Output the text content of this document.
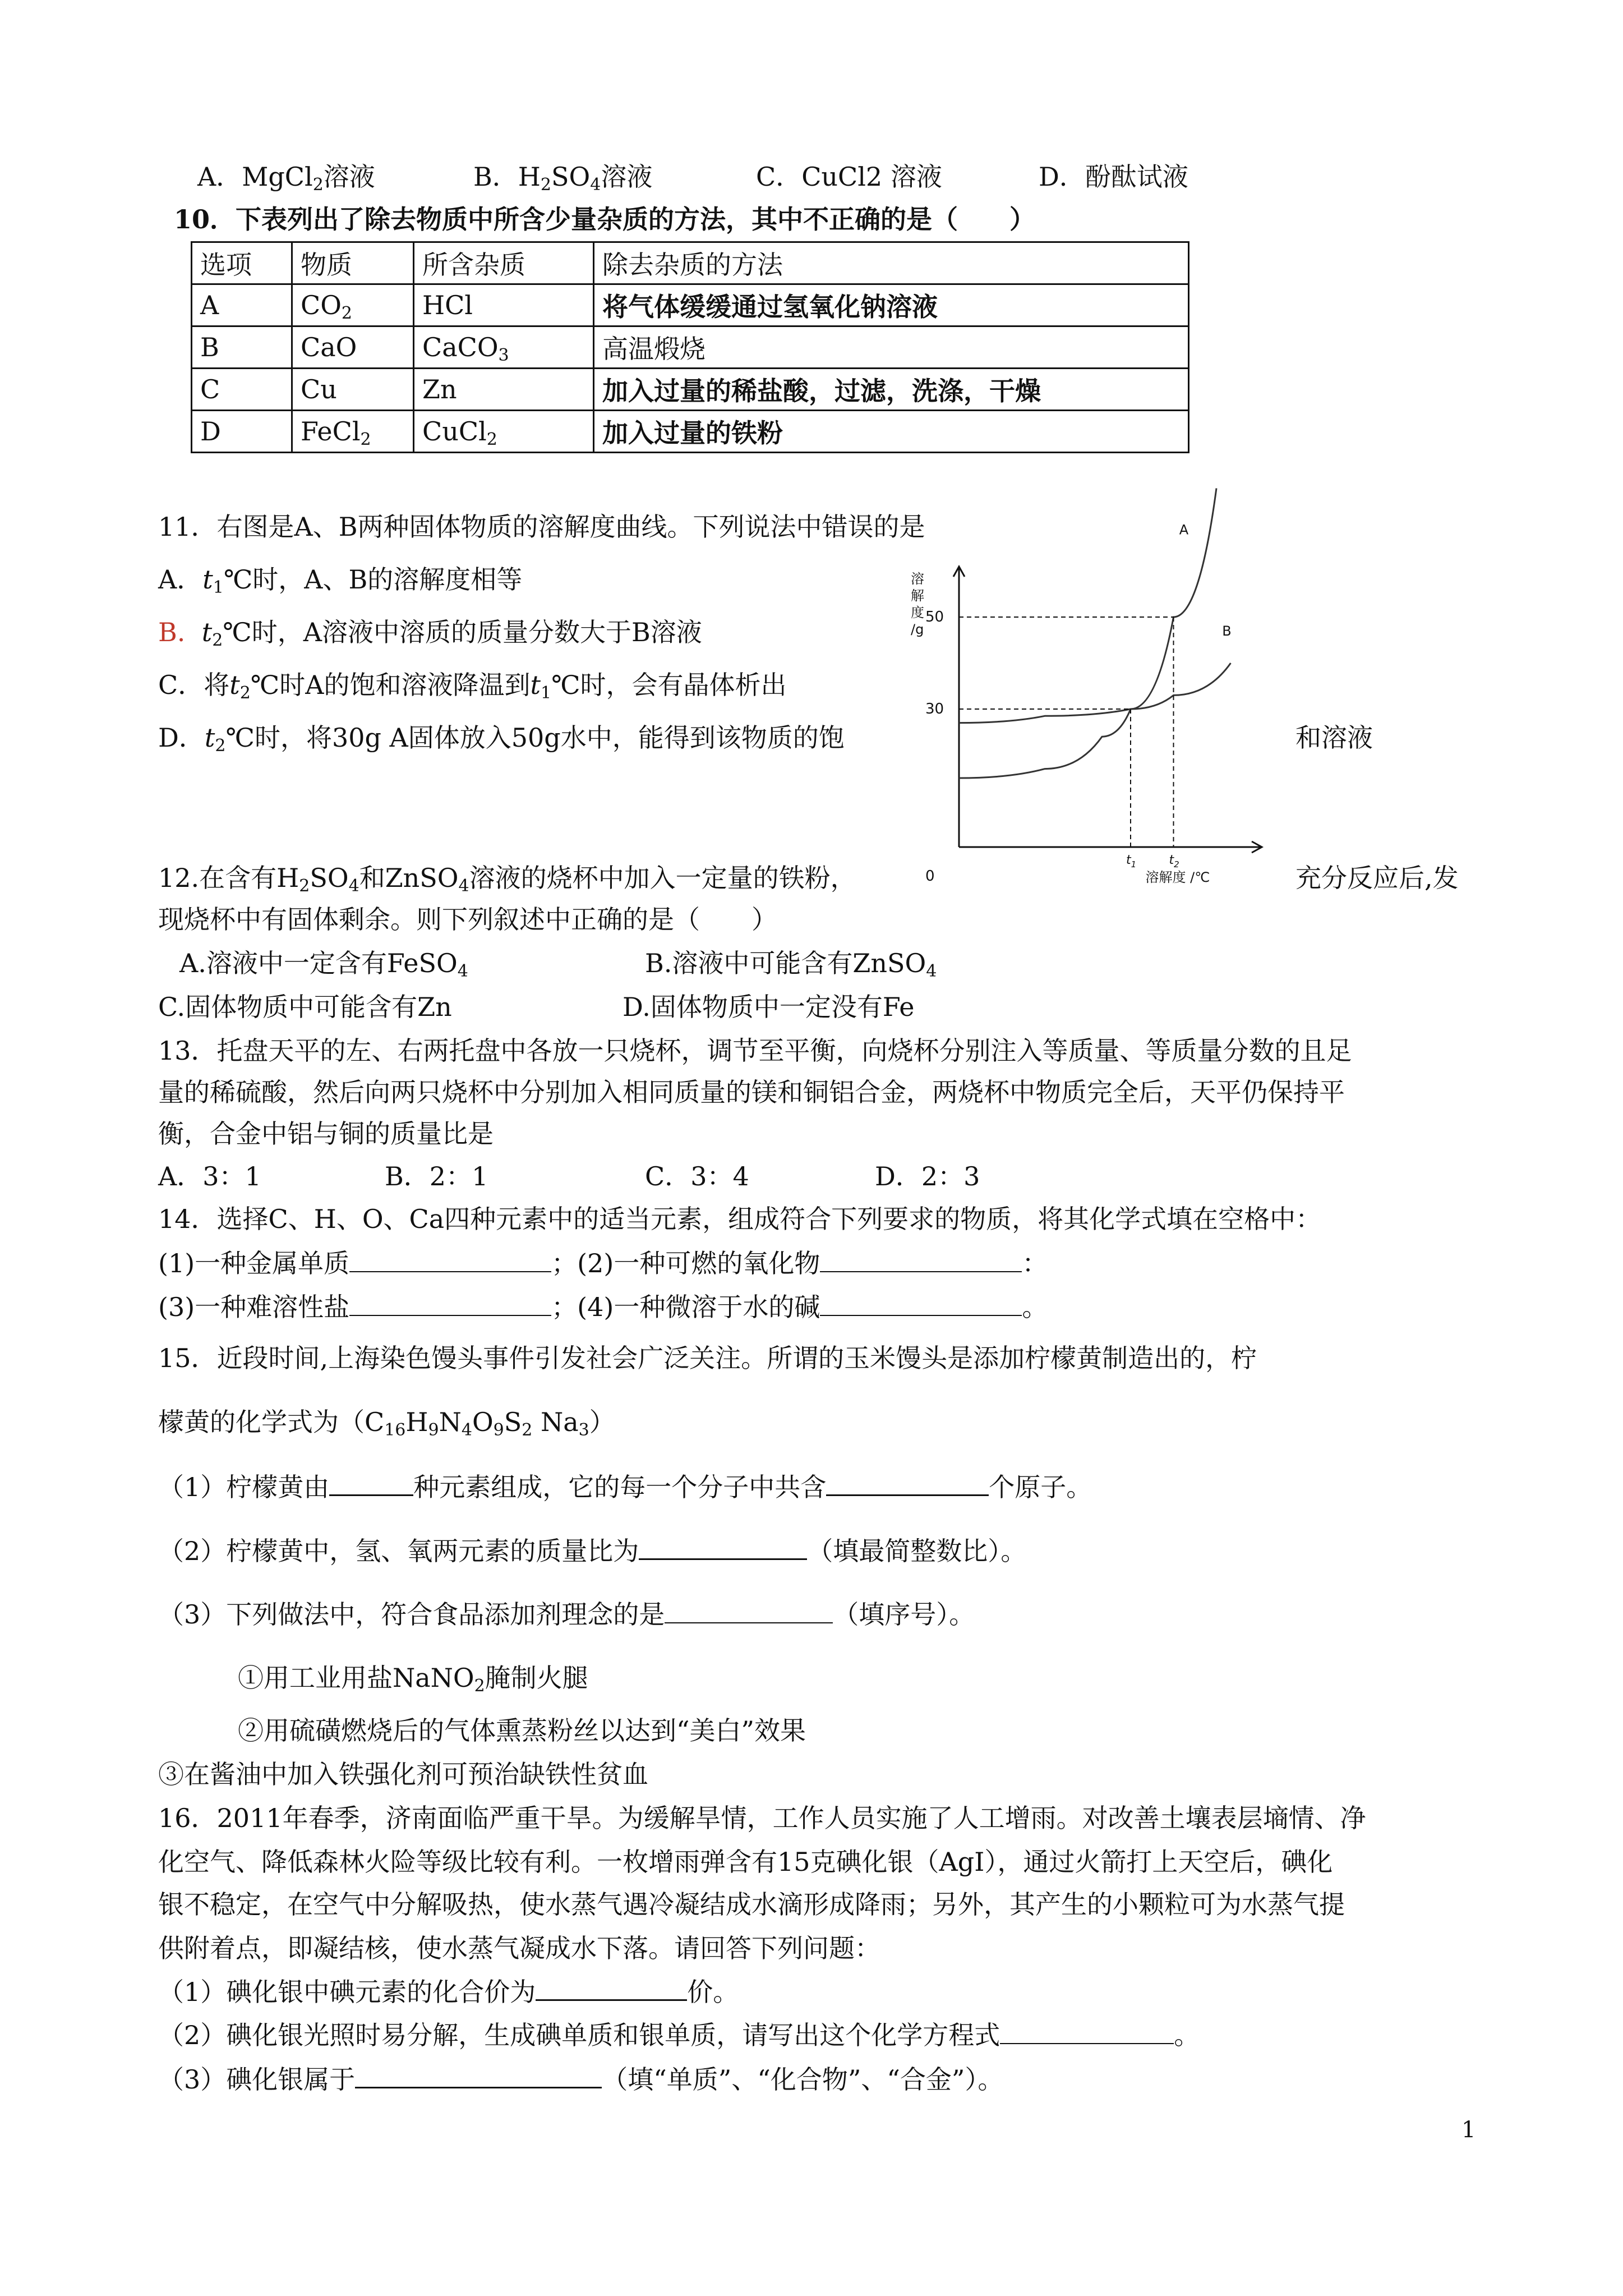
A．MgCl$_2$溶液	B．$H_2SO_4$溶液	C．CuCl2 溶液	D．酚酞试液
10．下表列出了除去物质中所含少量杂质的方法，其中不正确的是（　　）
选项	物质	所含杂质	除去杂质的方法
A	$CO_2$	HCl	将气体缓缓通过氢氧化钠溶液
B	CaO	CaCO$_3$	高温煅烧
C	Cu	Zn	加入过量的稀盐酸，过滤，洗涤，干燥
D	FeCl$_2$	CuCl$_2$	加入过量的铁粉
11．右图是A、B两种固体物质的溶解度曲线。下列说法中错误的是
A．$t_1℃$时，A、B的溶解度相等
B. $t_2℃$时，A溶液中溶质的质量分数大于B溶液
C．将$t_2℃$时A的饱和溶液降温到$t_1℃$时，会有晶体析出
D．$t_2℃$时，将30g A固体放入50g水中，能得到该物质的饱	和溶液
溶
解
度
/g
0
A
B
50
30
$t_1$	$t_2$
溶解度 /℃
12.在含有$H_2SO_4$和ZnSO$_4$溶液的烧杯中加入一定量的铁粉，	充分反应后,发
现烧杯中有固体剩余。则下列叙述中正确的是（　　）
A.溶液中一定含有FeSO$_4$	B.溶液中可能含有ZnSO$_4$
C.固体物质中可能含有Zn	D.固体物质中一定没有Fe
13．托盘天平的左、右两托盘中各放一只烧杯，调节至平衡，向烧杯分别注入等质量、等质量分数的且足
量的稀硫酸，然后向两只烧杯中分别加入相同质量的镁和铜铝合金，两烧杯中物质完全后，天平仍保持平
衡，合金中铝与铜的质量比是
A．3：1	B．2：1	C．3：4	D．2：3
14．选择C、H、O、Ca四种元素中的适当元素，组成符合下列要求的物质，将其化学式填在空格中：
(1)一种金属单质	；(2)一种可燃的氧化物	：
(3)一种难溶性盐	；(4)一种微溶于水的碱	。
15．近段时间,上海染色馒头事件引发社会广泛关注。所谓的玉米馒头是添加柠檬黄制造出的，柠
檬黄的化学式为（$C_{16}H_9N_4O_9S_2$ $Na_3$）
（1）柠檬黄由	种元素组成，它的每一个分子中共含	个原子。
（2）柠檬黄中，氢、氧两元素的质量比为	（填最简整数比）。
（3）下列做法中，符合食品添加剂理念的是	（填序号）。
①用工业用盐NaNO$_2$腌制火腿
②用硫磺燃烧后的气体熏蒸粉丝以达到“美白”效果
③在酱油中加入铁强化剂可预治缺铁性贫血
16．2011年春季，济南面临严重干旱。为缓解旱情，工作人员实施了人工增雨。对改善土壤表层墒情、净
化空气、降低森林火险等级比较有利。一枚增雨弹含有15克碘化银（AgI），通过火箭打上天空后，碘化
银不稳定，在空气中分解吸热，使水蒸气遇冷凝结成水滴形成降雨；另外，其产生的小颗粒可为水蒸气提
供附着点，即凝结核，使水蒸气凝成水下落。请回答下列问题：
（1）碘化银中碘元素的化合价为	价。
（2）碘化银光照时易分解，生成碘单质和银单质，请写出这个化学方程式	。
（3）碘化银属于	（填“单质”、“化合物”、“合金”）。
1
